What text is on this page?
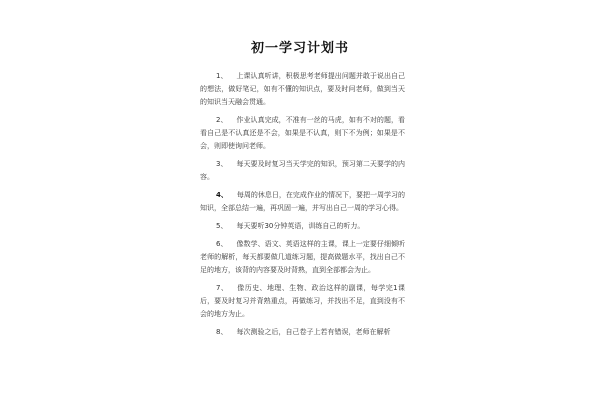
初一学习计划书

1、 上课认真听讲，积极思考老师提出问题并敢于说出自己的想法，做好笔记，如有不懂的知识点，要及时问老师，做到当天的知识当天融会贯通。

2、 作业认真完成，不准有一丝的马虎，如有不对的题，看看自己是不认真还是不会，如果是不认真，则下不为例；如果是不会，则即使询问老师。

3、 每天要及时复习当天学完的知识，预习第二天要学的内容。

4、 每周的休息日，在完成作业的情况下，要把一周学习的知识，全部总结一遍，再巩固一遍，并写出自己一周的学习心得。

5、 每天要听30分钟英语，训练自己的听力。

6、 像数学、语文、英语这样的主课，课上一定要仔细倾听老师的解析，每天都要做几道练习题，提高做题水平，找出自己不足的地方，该背的内容要及时背熟，直到全部都会为止。

7、 像历史、地理、生物、政治这样的副课，每学完1课后，要及时复习并背熟重点，再做练习，并找出不足，直到没有不会的地方为止。

8、 每次测验之后，自己卷子上若有错误，老师在解析
